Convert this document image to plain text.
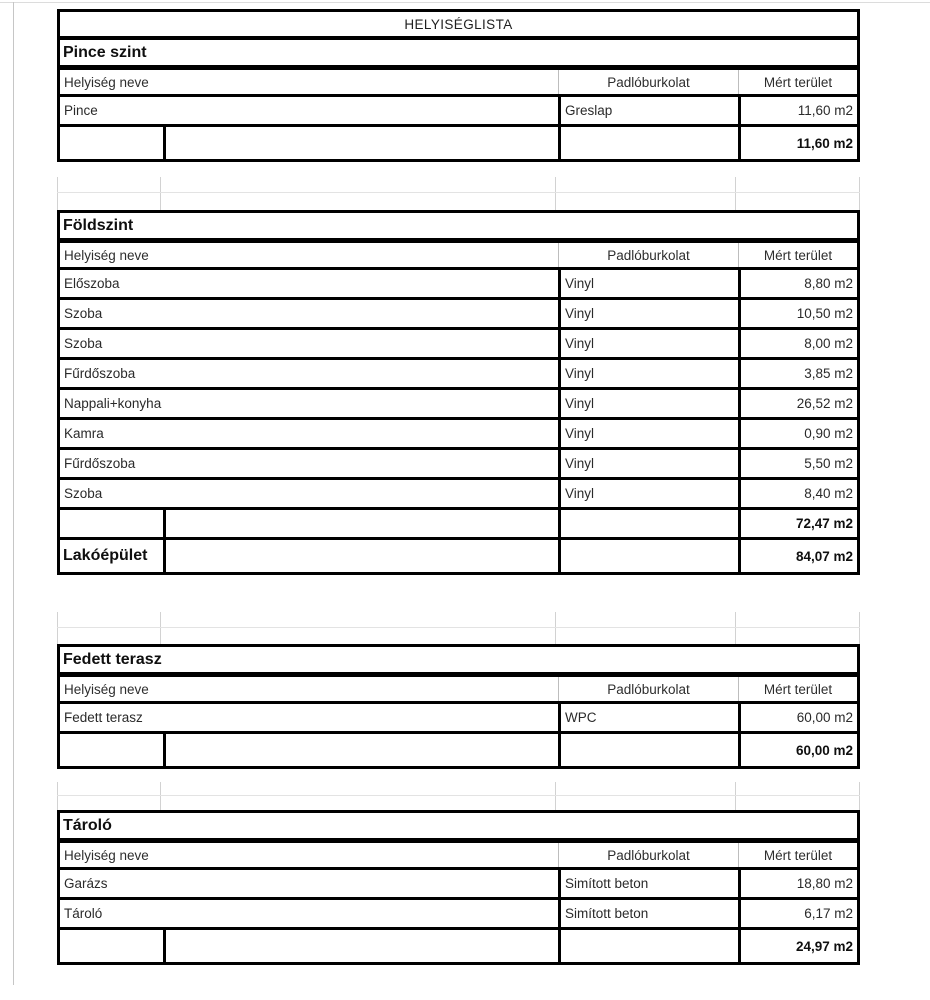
HELYISÉGLISTA
Pince szint
Helyiség neve	Padlóburkolat	Mért terület
Pince	Greslap	11,60 m2
11,60 m2
Földszint
Helyiség neve	Padlóburkolat	Mért terület
Előszoba	Vinyl	8,80 m2
Szoba	Vinyl	10,50 m2
Szoba	Vinyl	8,00 m2
Fűrdőszoba	Vinyl	3,85 m2
Nappali+konyha	Vinyl	26,52 m2
Kamra	Vinyl	0,90 m2
Fűrdőszoba	Vinyl	5,50 m2
Szoba	Vinyl	8,40 m2
72,47 m2
Lakóépület	84,07 m2
Fedett terasz
Helyiség neve	Padlóburkolat	Mért terület
Fedett terasz	WPC	60,00 m2
60,00 m2
Tároló
Helyiség neve	Padlóburkolat	Mért terület
Garázs	Simított beton	18,80 m2
Tároló	Simított beton	6,17 m2
24,97 m2
